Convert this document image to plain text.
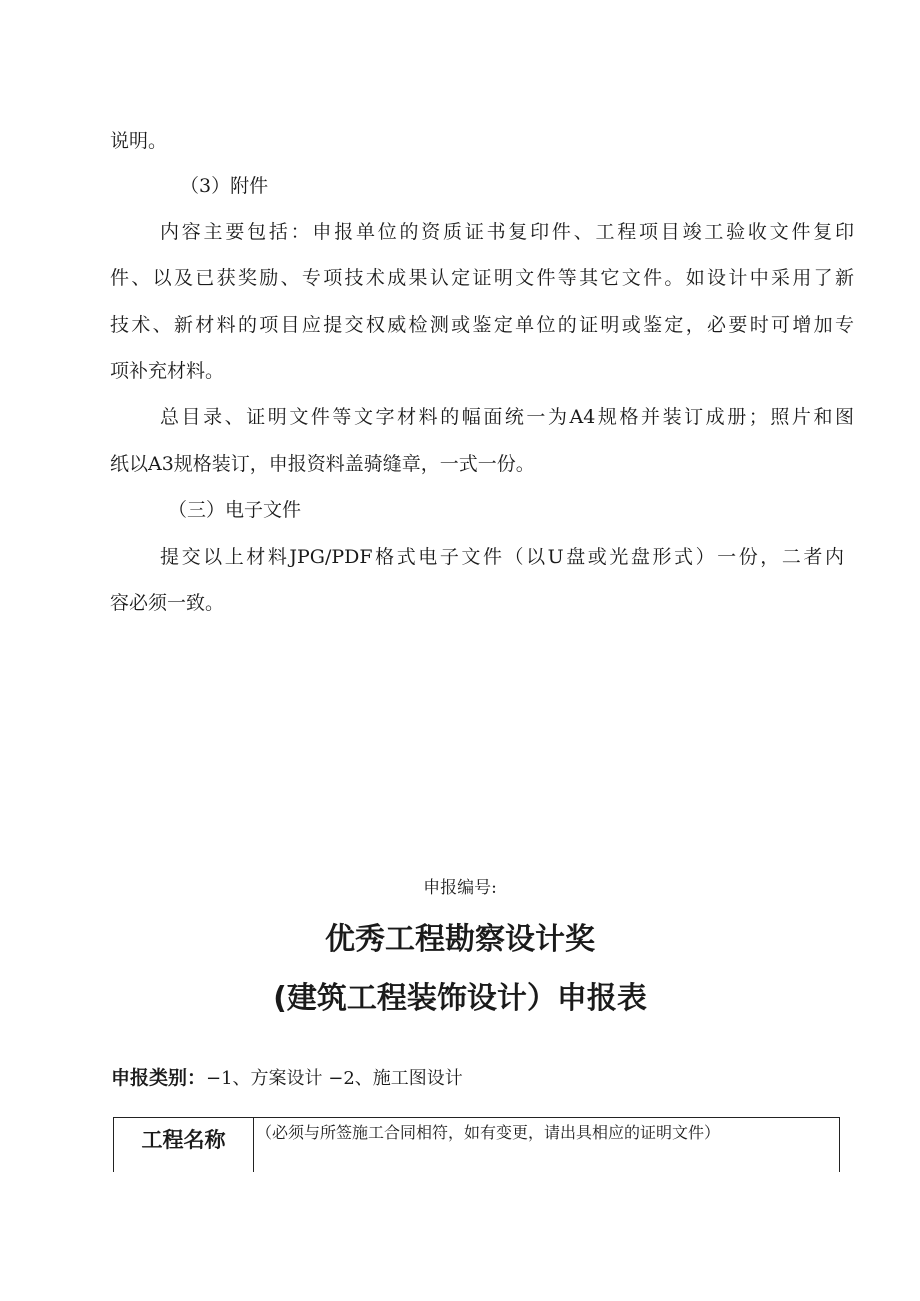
说明。
（3）附件
内容主要包括：申报单位的资质证书复印件、工程项目竣工验收文件复印
件、以及已获奖励、专项技术成果认定证明文件等其它文件。如设计中采用了新
技术、新材料的项目应提交权威检测或鉴定单位的证明或鉴定，必要时可增加专
项补充材料。
总目录、证明文件等文字材料的幅面统一为A4规格并装订成册；照片和图
纸以A3规格装订，申报资料盖骑缝章，一式一份。
（三）电子文件
提交以上材料JPG/PDF格式电子文件（以U盘或光盘形式）一份，二者内
容必须一致。
申报编号:
优秀工程勘察设计奖
(建筑工程装饰设计）申报表
申报类别：−1、方案设计 −2、施工图设计
工程名称	（必须与所签施工合同相符，如有变更，请出具相应的证明文件）
